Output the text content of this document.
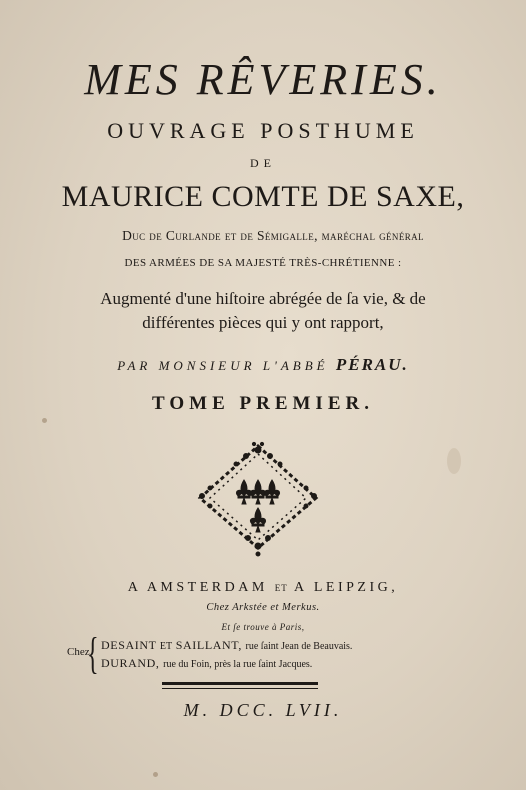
MES RÊVERIES.
OUVRAGE POSTHUME
DE
MAURICE COMTE DE SAXE,
Duc de Curlande et de Sémigalle, maréchal général
DES ARMÉES DE SA MAJESTÉ TRÈS-CHRÉTIENNE :
Augmenté d'une hiſtoire abrégée de ſa vie, & de
différentes pièces qui y ont rapport,
PAR MONSIEUR L'ABBÉ PÉRAU.
TOME PREMIER.
A AMSTERDAM ET A LEIPZIG,
Chez Arkstée et Merkus.
Et ſe trouve à Paris,
Chez
{ DESAINT ET SAILLANT, rue ſaint Jean de Beauvais.
DURAND, rue du Foin, près la rue ſaint Jacques.
M. DCC. LVII.
